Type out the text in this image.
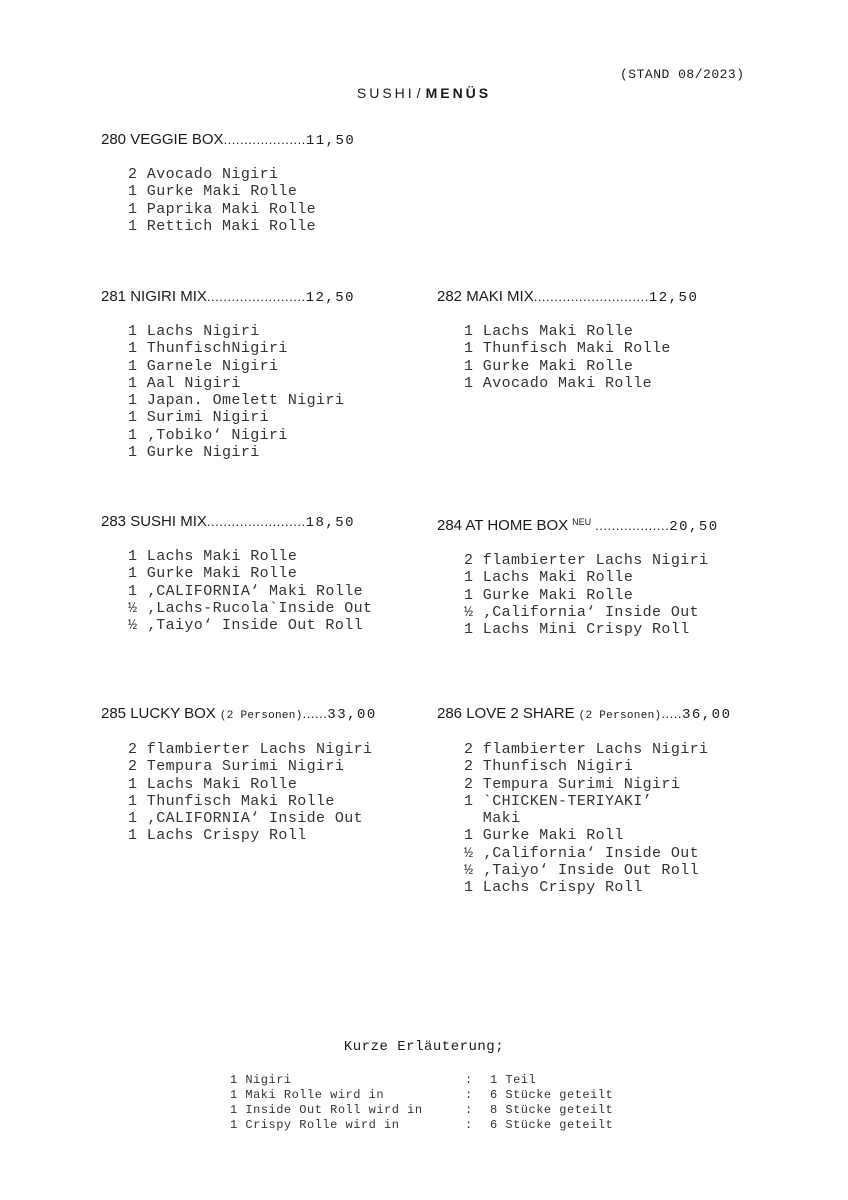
(STAND 08/2023)
SUSHI / MENÜS
280 VEGGIE BOX....................11,50
2 Avocado Nigiri
1 Gurke Maki Rolle
1 Paprika Maki Rolle
1 Rettich Maki Rolle
281 NIGIRI MIX........................12,50
1 Lachs Nigiri
1 ThunfischNigiri
1 Garnele Nigiri
1 Aal Nigiri
1 Japan. Omelett Nigiri
1 Surimi Nigiri
1 ‚Tobiko‘ Nigiri
1 Gurke Nigiri
282 MAKI MIX............................12,50
1 Lachs Maki Rolle
1 Thunfisch Maki Rolle
1 Gurke Maki Rolle
1 Avocado Maki Rolle
283 SUSHI MIX........................18,50
1 Lachs Maki Rolle
1 Gurke Maki Rolle
1 ‚CALIFORNIA‘ Maki Rolle
½ ‚Lachs-Rucola`Inside Out
½ ‚Taiyo‘ Inside Out Roll
284 AT HOME BOX $^{NEU}$ ..................20,50
2 flambierter Lachs Nigiri
1 Lachs Maki Rolle
1 Gurke Maki Rolle
½ ‚California‘ Inside Out
1 Lachs Mini Crispy Roll
285 LUCKY BOX (2 Personen)......33,00
2 flambierter Lachs Nigiri
2 Tempura Surimi Nigiri
1 Lachs Maki Rolle
1 Thunfisch Maki Rolle
1 ‚CALIFORNIA‘ Inside Out
1 Lachs Crispy Roll
286 LOVE 2 SHARE (2 Personen).....36,00
2 flambierter Lachs Nigiri
2 Thunfisch Nigiri
2 Tempura Surimi Nigiri
1 `CHICKEN-TERIYAKI’
Maki
1 Gurke Maki Roll
½ ‚California‘ Inside Out
½ ‚Taiyo‘ Inside Out Roll
1 Lachs Crispy Roll
Kurze Erläuterung;
1 Nigiri	:	1 Teil
1 Maki Rolle wird in	:	6 Stücke geteilt
1 Inside Out Roll wird in	:	8 Stücke geteilt
1 Crispy Rolle wird in	:	6 Stücke geteilt
